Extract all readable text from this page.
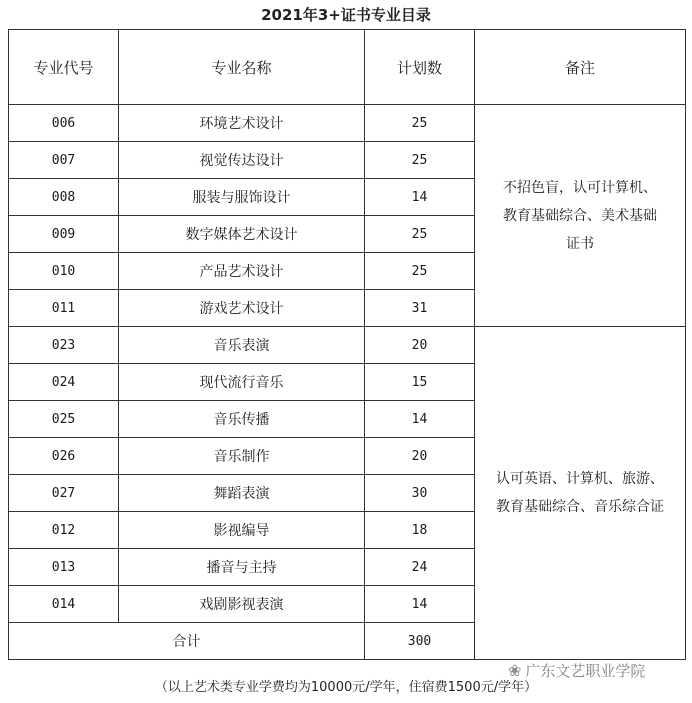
2021年3+证书专业目录
专业代号	专业名称	计划数	备注
006	环境艺术设计	25	不招色盲，认可计算机、
教育基础综合、美术基础
证书

007	视觉传达设计	25	
008	服装与服饰设计	14	
009	数字媒体艺术设计	25	
010	产品艺术设计	25	
011	游戏艺术设计	31	
023	音乐表演	20	认可英语、计算机、旅游、
教育基础综合、音乐综合证

024	现代流行音乐	15	
025	音乐传播	14	
026	音乐制作	20	
027	舞蹈表演	30	
012	影视编导	18	
013	播音与主持	24	
014	戏剧影视表演	14	
合计		300	
❀ 广东文艺职业学院
（以上艺术类专业学费均为10000元/学年，住宿费1500元/学年）
